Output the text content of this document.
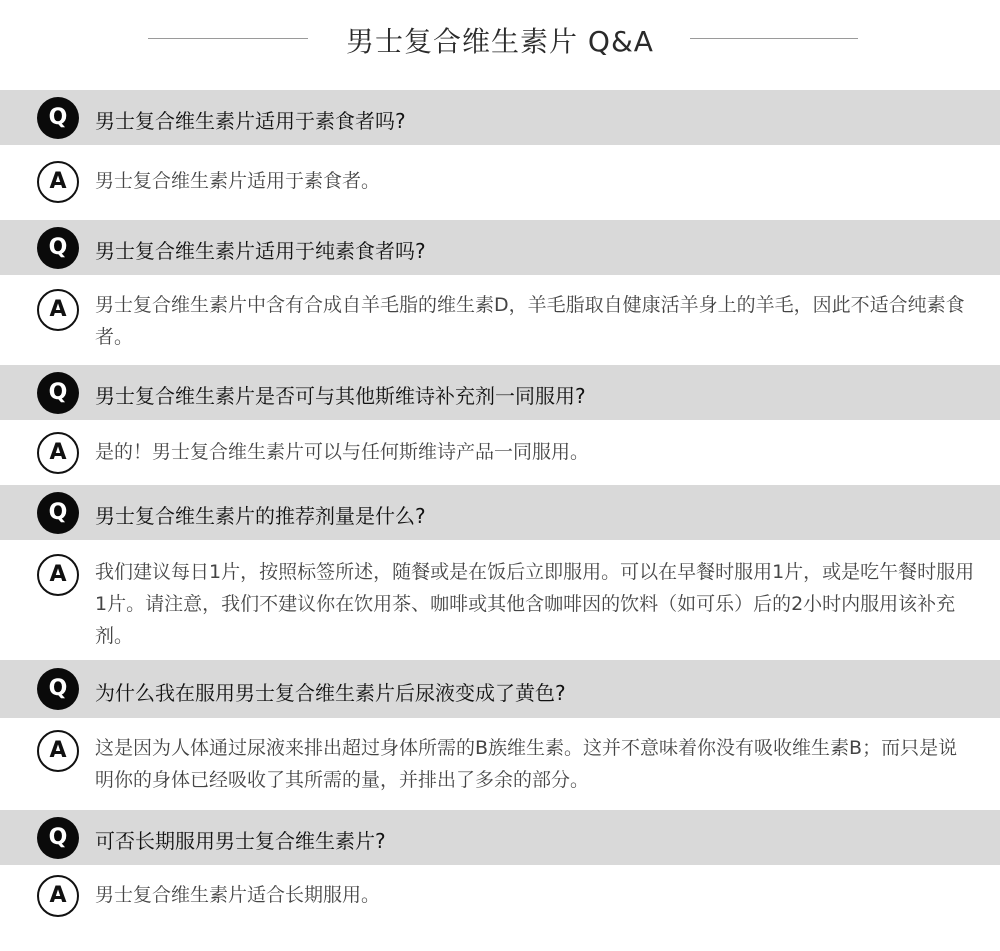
男士复合维生素片 Q&A
Q	男士复合维生素片适用于素食者吗?
A	男士复合维生素片适用于素食者。
Q	男士复合维生素片适用于纯素食者吗?
A	男士复合维生素片中含有合成自羊毛脂的维生素D，羊毛脂取自健康活羊身上的羊毛，因此不适合纯素食者。
Q	男士复合维生素片是否可与其他斯维诗补充剂一同服用?
A	是的！男士复合维生素片可以与任何斯维诗产品一同服用。
Q	男士复合维生素片的推荐剂量是什么?
A	我们建议每日1片，按照标签所述，随餐或是在饭后立即服用。可以在早餐时服用1片，或是吃午餐时服用1片。请注意，我们不建议你在饮用茶、咖啡或其他含咖啡因的饮料（如可乐）后的2小时内服用该补充剂。
Q	为什么我在服用男士复合维生素片后尿液变成了黄色?
A	这是因为人体通过尿液来排出超过身体所需的B族维生素。这并不意味着你没有吸收维生素B；而只是说明你的身体已经吸收了其所需的量，并排出了多余的部分。
Q	可否长期服用男士复合维生素片?
A	男士复合维生素片适合长期服用。
